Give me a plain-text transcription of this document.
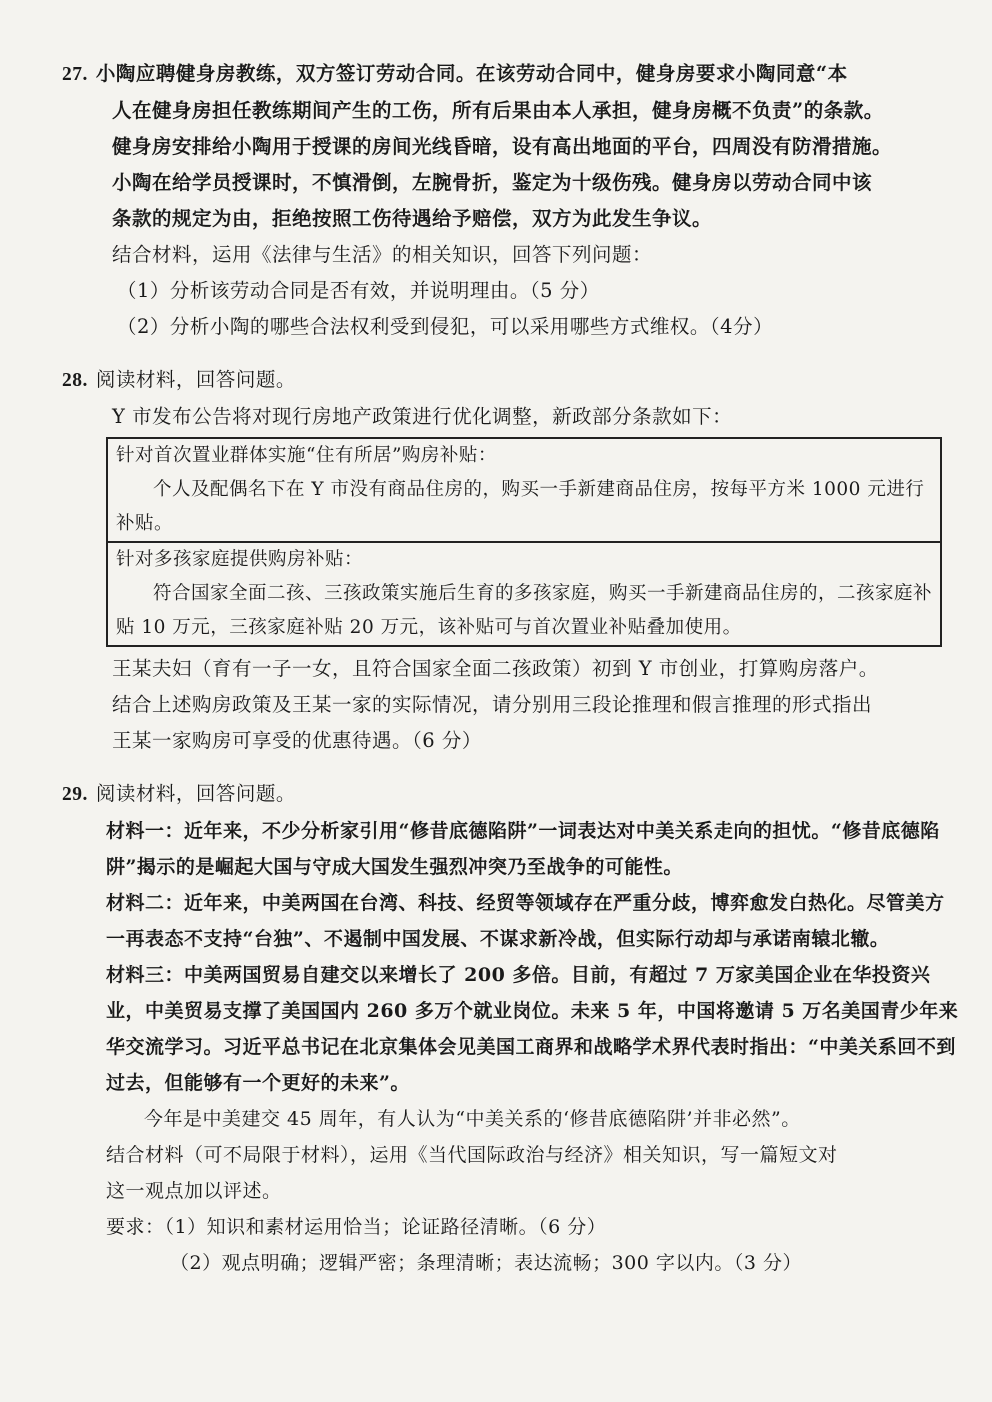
27. 小陶应聘健身房教练，双方签订劳动合同。在该劳动合同中，健身房要求小陶同意“本

人在健身房担任教练期间产生的工伤，所有后果由本人承担，健身房概不负责”的条款。

健身房安排给小陶用于授课的房间光线昏暗，设有高出地面的平台，四周没有防滑措施。

小陶在给学员授课时，不慎滑倒，左腕骨折，鉴定为十级伤残。健身房以劳动合同中该

条款的规定为由，拒绝按照工伤待遇给予赔偿，双方为此发生争议。

结合材料，运用《法律与生活》的相关知识，回答下列问题：

（1）分析该劳动合同是否有效，并说明理由。（5 分）

（2）分析小陶的哪些合法权利受到侵犯，可以采用哪些方式维权。（4分）

28. 阅读材料，回答问题。

Y 市发布公告将对现行房地产政策进行优化调整，新政部分条款如下：

针对首次置业群体实施“住有所居”购房补贴：
个人及配偶名下在 Y 市没有商品住房的，购买一手新建商品住房，按每平方米 1000 元进行补贴。
针对多孩家庭提供购房补贴：
符合国家全面二孩、三孩政策实施后生育的多孩家庭，购买一手新建商品住房的，二孩家庭补贴 10 万元，三孩家庭补贴 20 万元，该补贴可与首次置业补贴叠加使用。

王某夫妇（育有一子一女，且符合国家全面二孩政策）初到 Y 市创业，打算购房落户。

结合上述购房政策及王某一家的实际情况，请分别用三段论推理和假言推理的形式指出

王某一家购房可享受的优惠待遇。（6 分）

29. 阅读材料，回答问题。

材料一：近年来，不少分析家引用“修昔底德陷阱”一词表达对中美关系走向的担忧。“修昔底德陷阱”揭示的是崛起大国与守成大国发生强烈冲突乃至战争的可能性。

材料二：近年来，中美两国在台湾、科技、经贸等领域存在严重分歧，博弈愈发白热化。尽管美方一再表态不支持“台独”、不遏制中国发展、不谋求新冷战，但实际行动却与承诺南辕北辙。

材料三：中美两国贸易自建交以来增长了 200 多倍。目前，有超过 7 万家美国企业在华投资兴业，中美贸易支撑了美国国内 260 多万个就业岗位。未来 5 年，中国将邀请 5 万名美国青少年来华交流学习。习近平总书记在北京集体会见美国工商界和战略学术界代表时指出：“中美关系回不到过去，但能够有一个更好的未来”。

今年是中美建交 45 周年，有人认为“中美关系的‘修昔底德陷阱’并非必然”。

结合材料（可不局限于材料），运用《当代国际政治与经济》相关知识，写一篇短文对

这一观点加以评述。

要求：（1）知识和素材运用恰当；论证路径清晰。（6 分）

（2）观点明确；逻辑严密；条理清晰；表达流畅；300 字以内。（3 分）
